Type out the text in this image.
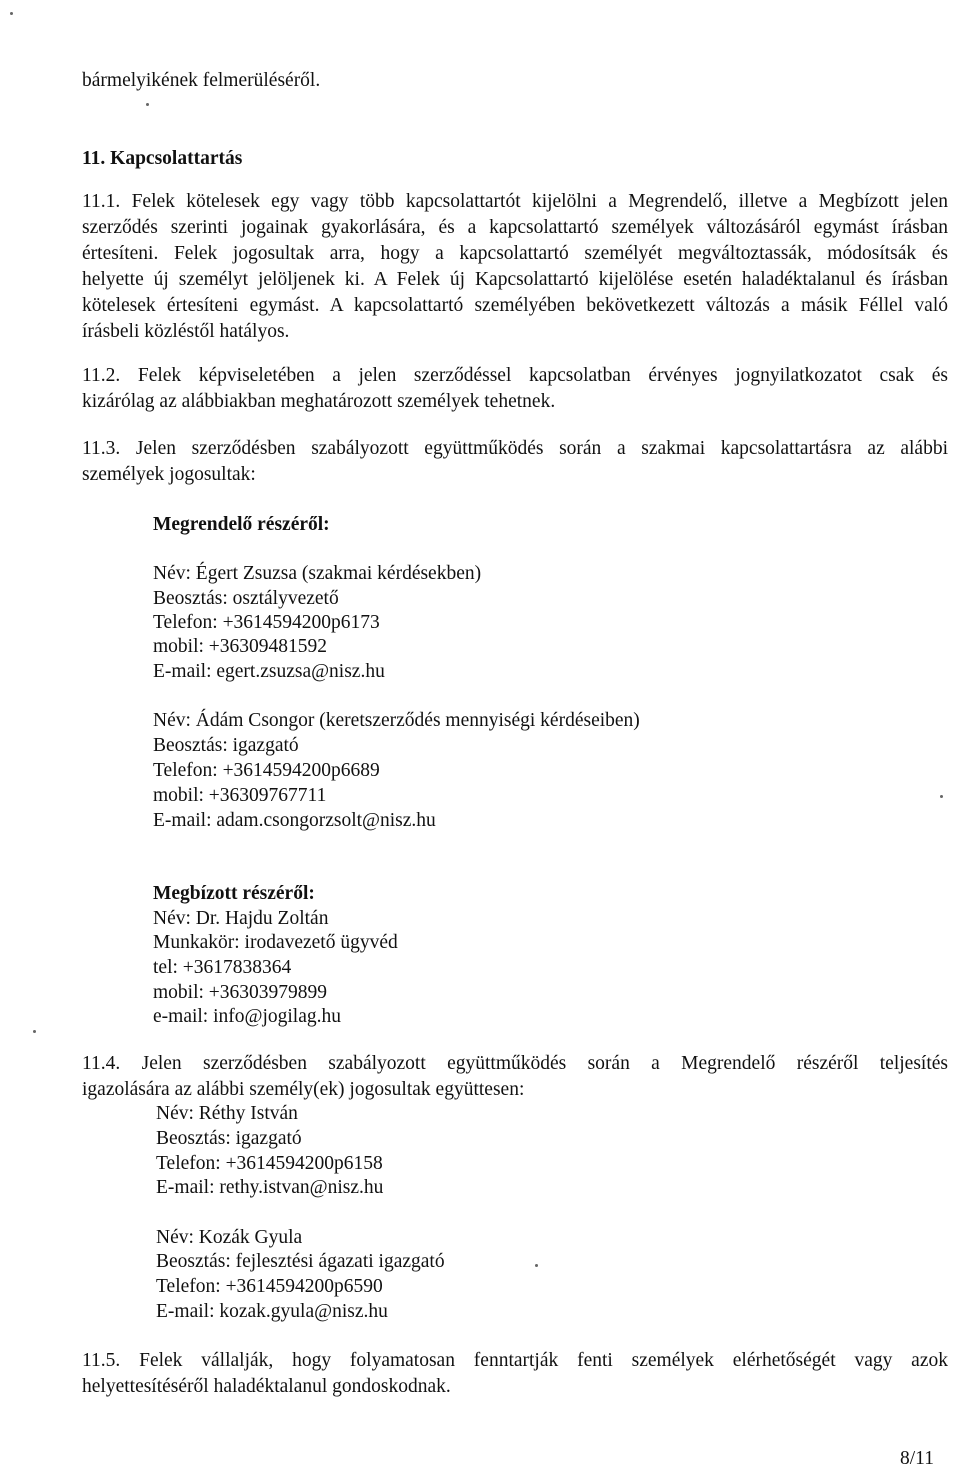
bármelyikének felmerüléséről.

11. Kapcsolattartás

11.1. Felek kötelesek egy vagy több kapcsolattartót kijelölni a Megrendelő, illetve a Megbízott jelen
szerződés szerinti jogainak gyakorlására, és a kapcsolattartó személyek változásáról egymást írásban
értesíteni. Felek jogosultak arra, hogy a kapcsolattartó személyét megváltoztassák, módosítsák és
helyette új személyt jelöljenek ki. A Felek új Kapcsolattartó kijelölése esetén haladéktalanul és írásban
kötelesek értesíteni egymást. A kapcsolattartó személyében bekövetkezett változás a másik Féllel való
írásbeli közléstől hatályos.
11.2. Felek képviseletében a jelen szerződéssel kapcsolatban érvényes jognyilatkozatot csak és
kizárólag az alábbiakban meghatározott személyek tehetnek.
11.3. Jelen szerződésben szabályozott együttműködés során a szakmai kapcsolattartásra az alábbi
személyek jogosultak:

Megrendelő részéről:

Név: Égert Zsuzsa (szakmai kérdésekben)

Beosztás: osztályvezető

Telefon: +3614594200p6173

mobil: +36309481592

E-mail: egert.zsuzsa@nisz.hu

Név: Ádám Csongor (keretszerződés mennyiségi kérdéseiben)

Beosztás: igazgató

Telefon: +3614594200p6689

mobil: +36309767711

E-mail: adam.csongorzsolt@nisz.hu

Megbízott részéről:

Név: Dr. Hajdu Zoltán

Munkakör: irodavezető ügyvéd

tel: +3617838364

mobil: +36303979899

e-mail: info@jogilag.hu

11.4. Jelen szerződésben szabályozott együttműködés során a Megrendelő részéről teljesítés
igazolására az alábbi személy(ek) jogosultak együttesen:

Név: Réthy István

Beosztás: igazgató

Telefon: +3614594200p6158

E-mail: rethy.istvan@nisz.hu

Név: Kozák Gyula

Beosztás: fejlesztési ágazati igazgató

Telefon: +3614594200p6590

E-mail: kozak.gyula@nisz.hu

11.5. Felek vállalják, hogy folyamatosan fenntartják fenti személyek elérhetőségét vagy azok
helyettesítéséről haladéktalanul gondoskodnak.
8/11
